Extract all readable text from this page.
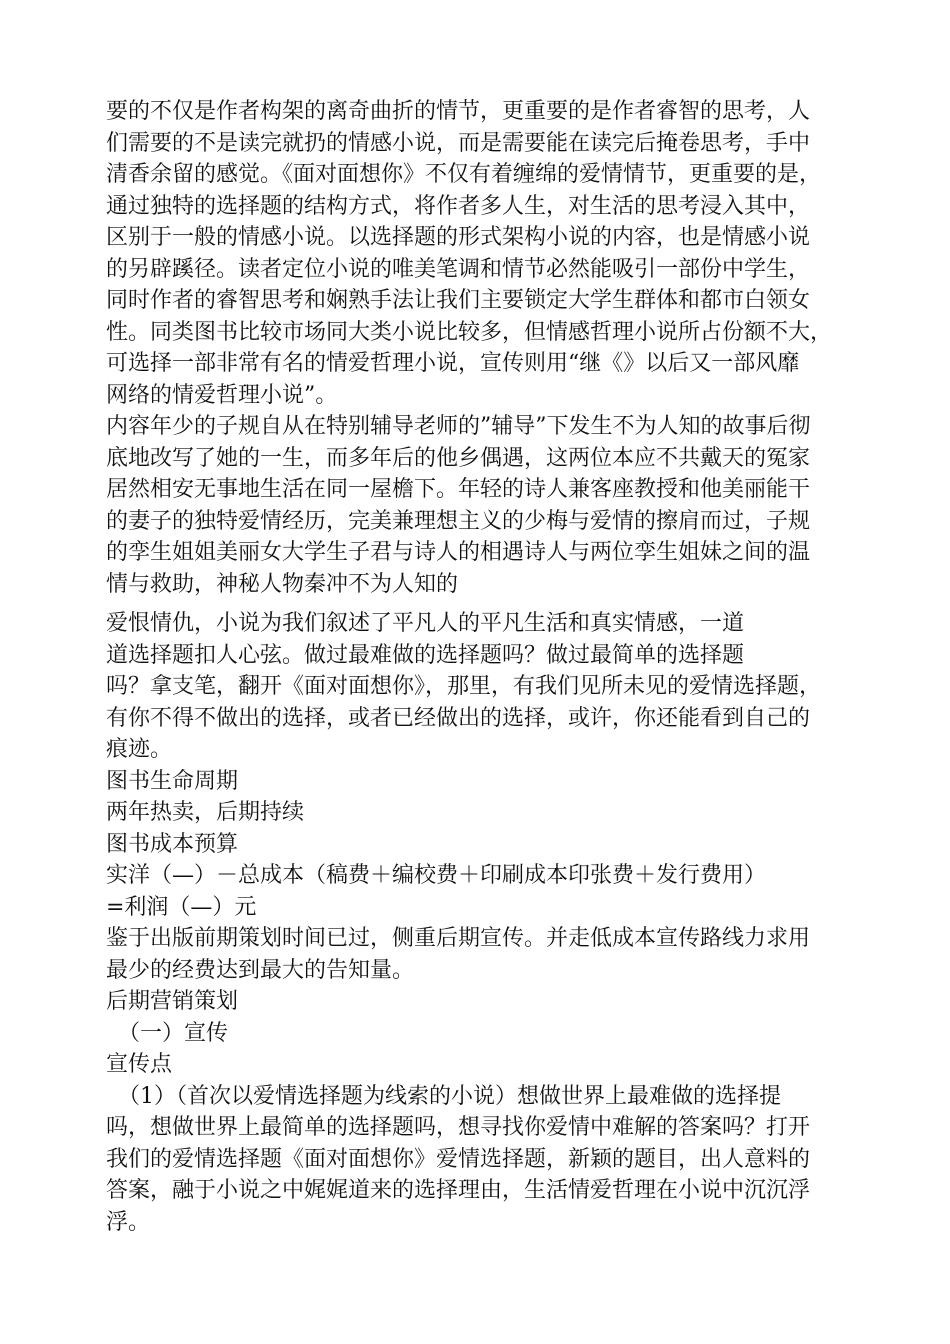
要的不仅是作者构架的离奇曲折的情节，更重要的是作者睿智的思考，人
们需要的不是读完就扔的情感小说，而是需要能在读完后掩卷思考，手中
清香余留的感觉。《面对面想你》不仅有着缠绵的爱情情节，更重要的是，
通过独特的选择题的结构方式，将作者多人生，对生活的思考浸入其中，
区别于一般的情感小说。以选择题的形式架构小说的内容，也是情感小说
的另辟蹊径。读者定位小说的唯美笔调和情节必然能吸引一部份中学生，
同时作者的睿智思考和娴熟手法让我们主要锁定大学生群体和都市白领女
性。同类图书比较市场同大类小说比较多，但情感哲理小说所占份额不大，
可选择一部非常有名的情爱哲理小说，宣传则用“继《》以后又一部风靡
网络的情爱哲理小说”。
内容年少的子规自从在特别辅导老师的”辅导”下发生不为人知的故事后彻
底地改写了她的一生，而多年后的他乡偶遇，这两位本应不共戴天的冤家
居然相安无事地生活在同一屋檐下。年轻的诗人兼客座教授和他美丽能干
的妻子的独特爱情经历，完美兼理想主义的少梅与爱情的擦肩而过，子规
的孪生姐姐美丽女大学生子君与诗人的相遇诗人与两位孪生姐妹之间的温
情与救助，神秘人物秦冲不为人知的
爱恨情仇，小说为我们叙述了平凡人的平凡生活和真实情感，一道
道选择题扣人心弦。做过最难做的选择题吗？做过最简单的选择题
吗？拿支笔，翻开《面对面想你》，那里，有我们见所未见的爱情选择题，
有你不得不做出的选择，或者已经做出的选择，或许，你还能看到自己的
痕迹。
图书生命周期
两年热卖，后期持续
图书成本预算
实洋（—）－总成本（稿费＋编校费＋印刷成本印张费＋发行费用）
=利润（—）元
鉴于出版前期策划时间已过，侧重后期宣传。并走低成本宣传路线力求用
最少的经费达到最大的告知量。
后期营销策划
（一）宣传
宣传点
（1）（首次以爱情选择题为线索的小说）想做世界上最难做的选择提
吗，想做世界上最简单的选择题吗，想寻找你爱情中难解的答案吗？打开
我们的爱情选择题《面对面想你》爱情选择题，新颖的题目，出人意料的
答案，融于小说之中娓娓道来的选择理由，生活情爱哲理在小说中沉沉浮
浮。
